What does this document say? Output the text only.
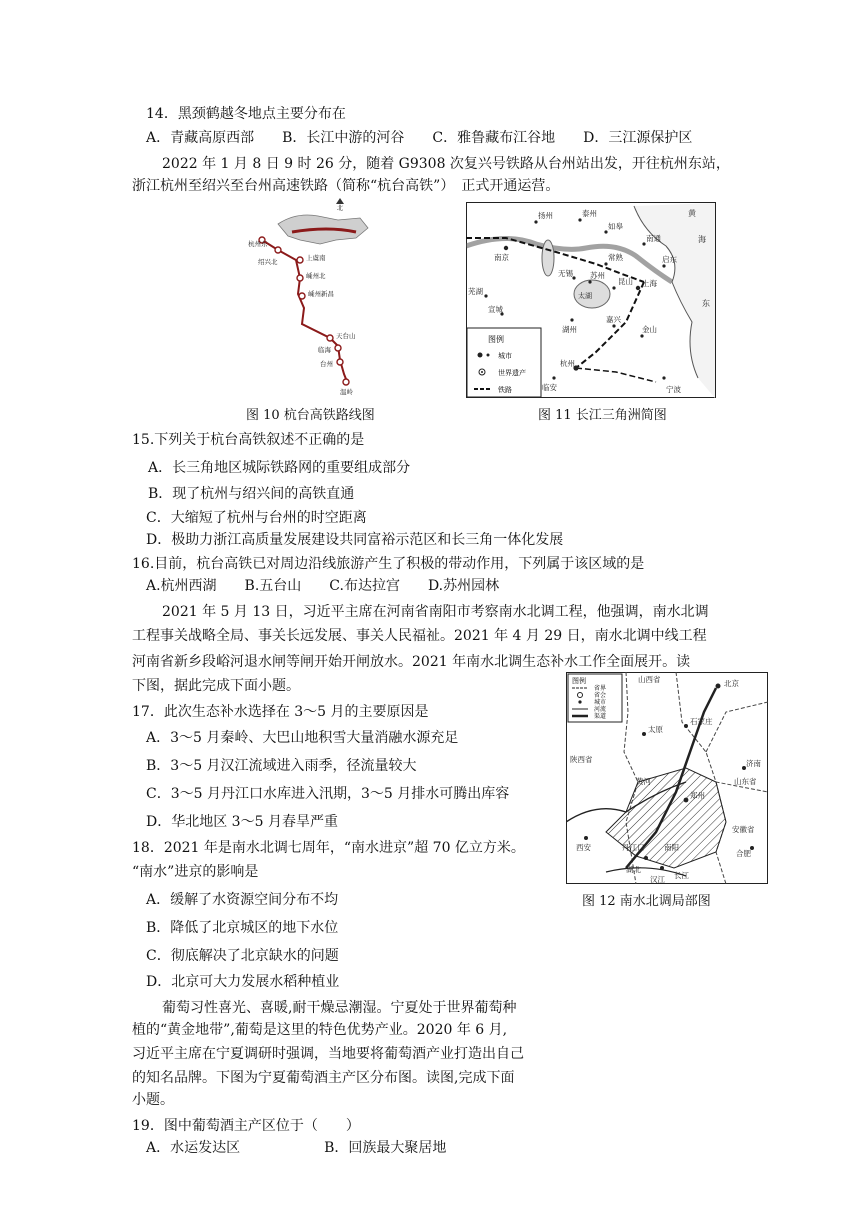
14．黑颈鹤越冬地点主要分布在
A．青藏高原西部　　B．长江中游的河谷　　C．雅鲁藏布江谷地　　D．三江源保护区
2022 年 1 月 8 日 9 时 26 分，随着 G9308 次复兴号铁路从台州站出发，开往杭州东站，
浙江杭州至绍兴至台州高速铁路（简称“杭台高铁”）　正式开通运营。
北
杭州东
绍兴北	上虞南
嵊州北
嵊州新昌
天台山
临海
台州
温岭
图 10 杭台高铁路线图
图例
城市
世界遗产
铁路
扬州	泰州
如皋
南通
南京	常熟	启东
无锡 苏州
昆山 上海
芜湖
宣城
湖州
嘉兴
金山
杭州
临安	宁波
黄
海
东
太湖
图 11 长江三角洲简图
15.下列关于杭台高铁叙述不正确的是
A．长三角地区城际铁路网的重要组成部分
B．现了杭州与绍兴间的高铁直通
C．大缩短了杭州与台州的时空距离
D．极助力浙江高质量发展建设共同富裕示范区和长三角一体化发展
16.目前，杭台高铁已对周边沿线旅游产生了积极的带动作用，下列属于该区域的是
A.杭州西湖　　B.五台山　　C.布达拉宫　　D.苏州园林
2021 年 5 月 13 日，习近平主席在河南省南阳市考察南水北调工程，他强调，南水北调
工程事关战略全局、事关长远发展、事关人民福祉。2021 年 4 月 29 日，南水北调中线工程
河南省新乡段峪河退水闸等闸开始开闸放水。2021 年南水北调生态补水工作全面展开。读
下图，据此完成下面小题。
17．此次生态补水选择在 3～5 月的主要原因是
A．3～5 月秦岭、大巴山地积雪大量消融水源充足
B．3～5 月汉江流域进入雨季，径流量较大
C．3～5 月丹江口水库进入汛期，3～5 月排水可腾出库容
D．华北地区 3～5 月春旱严重
18．2021 年是南水北调七周年，“南水进京”超 70 亿立方米。
“南水”进京的影响是
A．缓解了水资源空间分布不均
B．降低了北京城区的地下水位
C．彻底解决了北京缺水的问题
D．北京可大力发展水稻种植业
图例
省界
省会
城市
河流
渠道
山西省	北京
石家庄
陕西省
山东省
郑州
西安
安徽省
合肥
湖北
长江
汉江
黄河
丹江口	南阳
太原
济南
图 12 南水北调局部图
葡萄习性喜光、喜暖,耐干燥忌潮湿。宁夏处于世界葡萄种
植的“黄金地带”,葡萄是这里的特色优势产业。2020 年 6 月,
习近平主席在宁夏调研时强调，当地要将葡萄酒产业打造出自己
的知名品牌。下图为宁夏葡萄酒主产区分布图。读图,完成下面
小题。
19．图中葡萄酒主产区位于（　　）
A．水运发达区　　　　　　B．回族最大聚居地
